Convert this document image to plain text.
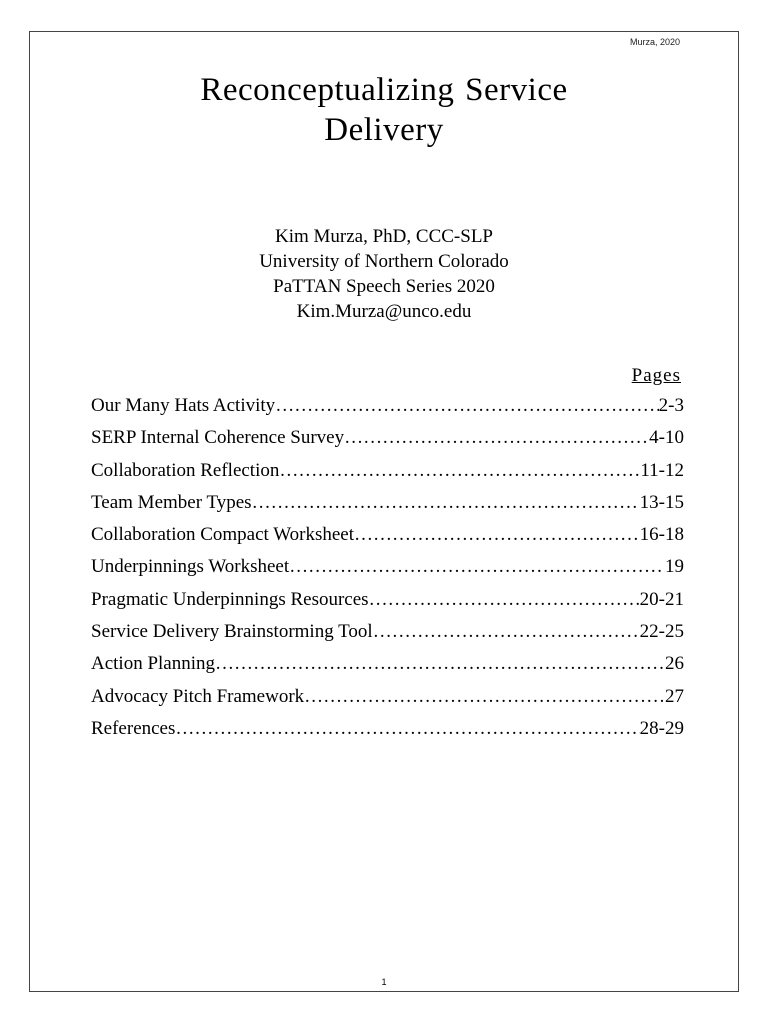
Murza, 2020
Reconceptualizing Service
Delivery
Kim Murza, PhD, CCC-SLP
University of Northern Colorado
PaTTAN Speech Series 2020
Kim.Murza@unco.edu
Pages
Our Many Hats Activity ……………………………………………………………………………………………………………………………	2-3
SERP Internal Coherence Survey ……………………………………………………………………………………………………………………………	4-10
Collaboration Reflection ……………………………………………………………………………………………………………………………	11-12
Team Member Types ……………………………………………………………………………………………………………………………	13-15
Collaboration Compact Worksheet ……………………………………………………………………………………………………………………………	16-18
Underpinnings Worksheet ……………………………………………………………………………………………………………………………	19
Pragmatic Underpinnings Resources ……………………………………………………………………………………………………………………………	20-21
Service Delivery Brainstorming Tool ……………………………………………………………………………………………………………………………	22-25
Action Planning ……………………………………………………………………………………………………………………………	26
Advocacy Pitch Framework ……………………………………………………………………………………………………………………………	27
References ……………………………………………………………………………………………………………………………	28-29
1
